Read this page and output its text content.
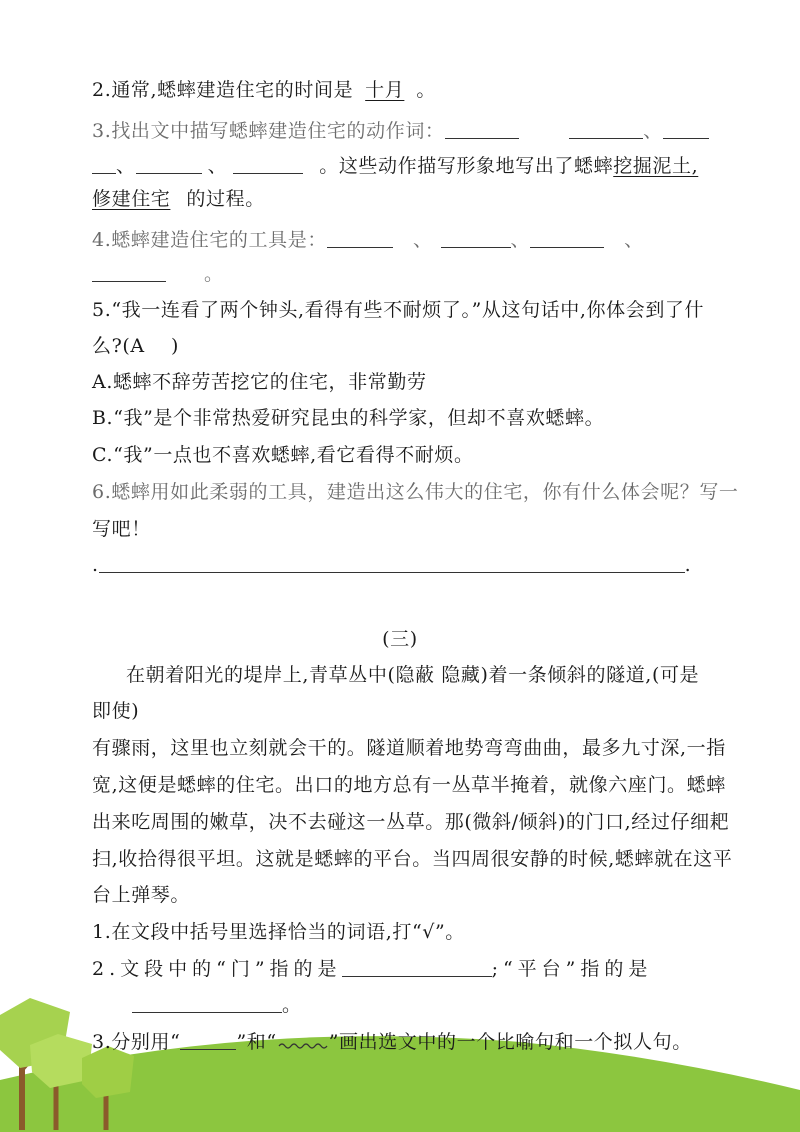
2.通常,蟋蟀建造住宅的时间是 十月 。
3.找出文中描写蟋蟀建造住宅的动作词：	、
、	、	。这些动作描写形象地写出了蟋蟀挖掘泥土,
修建住宅 的过程。
4.蟋蟀建造住宅的工具是：	、	、	、
。
5.“我一连看了两个钟头,看得有些不耐烦了。”从这句话中,你体会到了什
么?(A　 )
A.蟋蟀不辞劳苦挖它的住宅，非常勤劳
B.“我”是个非常热爱研究昆虫的科学家，但却不喜欢蟋蟀。
C.“我”一点也不喜欢蟋蟀,看它看得不耐烦。
6.蟋蟀用如此柔弱的工具，建造出这么伟大的住宅，你有什么体会呢？写一
写吧！
.	.
(三)
在朝着阳光的堤岸上,青草丛中(隐蔽 隐藏)着一条倾斜的隧道,(可是
即使)
有骤雨，这里也立刻就会干的。隧道顺着地势弯弯曲曲，最多九寸深,一指
宽,这便是蟋蟀的住宅。出口的地方总有一丛草半掩着，就像六座门。蟋蟀
出来吃周围的嫩草，决不去碰这一丛草。那(微斜/倾斜)的门口,经过仔细耙
扫,收拾得很平坦。这就是蟋蟀的平台。当四周很安静的时候,蟋蟀就在这平
台上弹琴。
1.在文段中括号里选择恰当的词语,打“√”。
2.文段中的“门”指的是	;“平台”指的是
。
3.分别用“	”和“	”画出选文中的一个比喻句和一个拟人句。
